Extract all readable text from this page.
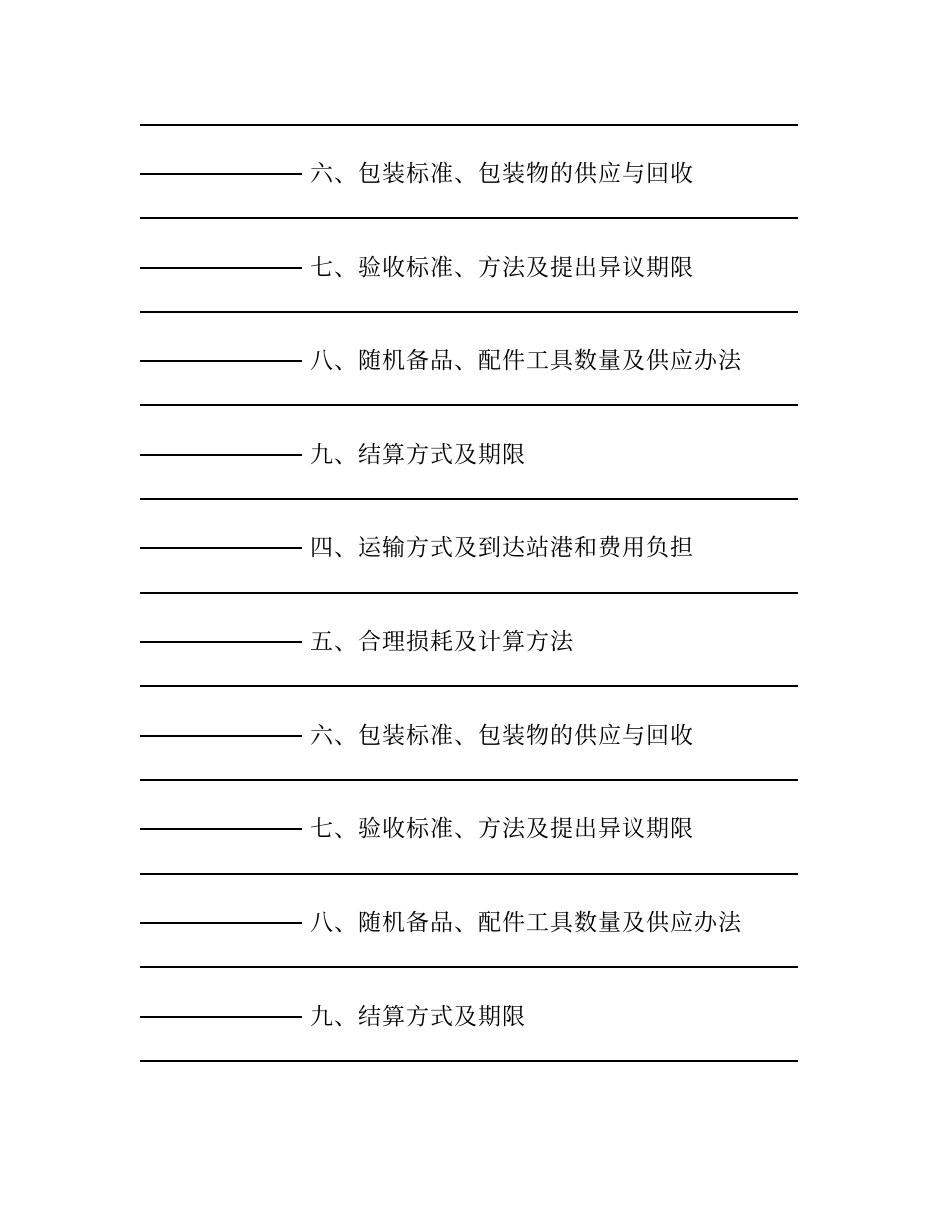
六、包装标准、包装物的供应与回收
七、验收标准、方法及提出异议期限
八、随机备品、配件工具数量及供应办法
九、结算方式及期限
四、运输方式及到达站港和费用负担
五、合理损耗及计算方法
六、包装标准、包装物的供应与回收
七、验收标准、方法及提出异议期限
八、随机备品、配件工具数量及供应办法
九、结算方式及期限
